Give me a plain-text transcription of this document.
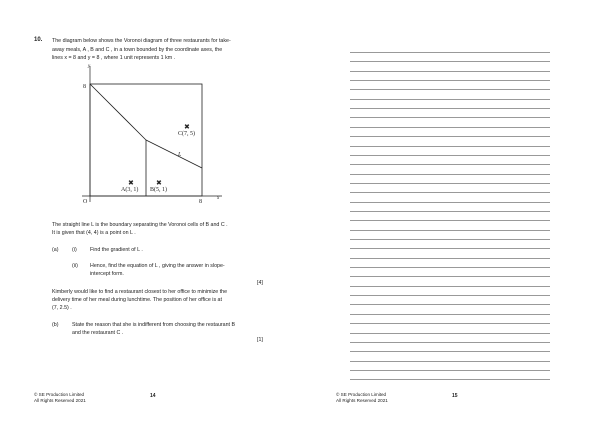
10. The diagram below shows the Voronoi diagram of three restaurants for take-
away meals, A , B and C , in a town bounded by the coordinate axes, the
lines x = 8 and y = 8 , where 1 unit represents 1 km .
y
x
O	8
8
L
✖
C(7, 5)
✖
A(3, 1)
✖
B(5, 1)
The straight line L is the boundary separating the Voronoi cells of B and C .
It is given that (4, 4) is a point on L .
(a)	(i)	Find the gradient of L .
(ii) Hence, find the equation of L , giving the answer in slope-
intercept form.
[4]
Kimberly would like to find a restaurant closest to her office to minimize the
delivery time of her meal during lunchtime. The position of her office is at
(7, 2.5) .
(b)	State the reason that she is indifferent from choosing the restaurant B
and the restaurant C .
[1]
© SE Production Limited
All Rights Reserved 2021
14	© SE Production Limited
All Rights Reserved 2021
15
